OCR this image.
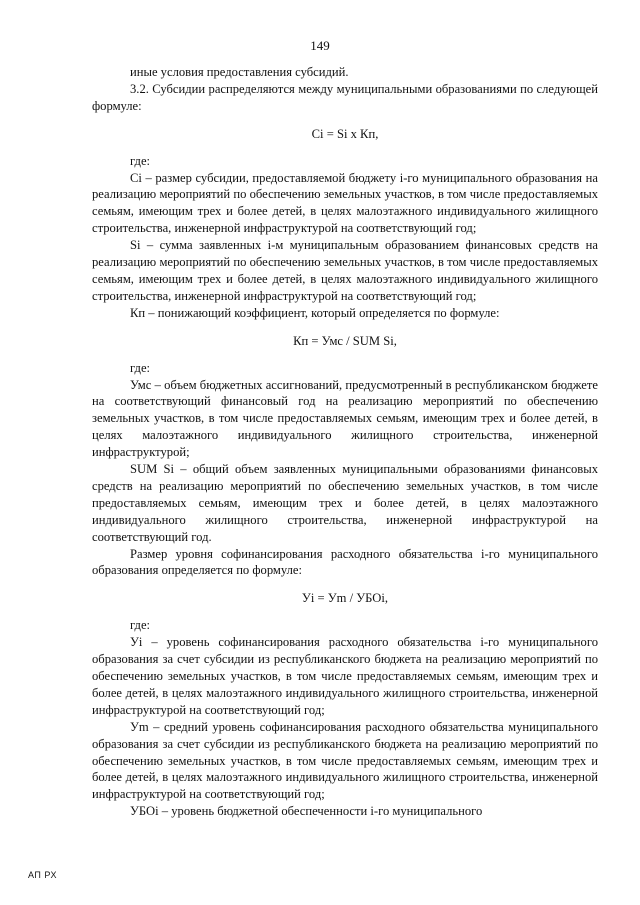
149

иные условия предоставления субсидий.

3.2. Субсидии распределяются между муниципальными образованиями по следующей формуле:

Ci = Si x Кп,

где:

Ci – размер субсидии, предоставляемой бюджету i-го муниципального образования на реализацию мероприятий по обеспечению земельных участков, в том числе предоставляемых семьям, имеющим трех и более детей, в целях малоэтажного индивидуального жилищного строительства, инженерной инфраструктурой на соответствующий год;

Si – сумма заявленных i-м муниципальным образованием финансовых средств на реализацию мероприятий по обеспечению земельных участков, в том числе предоставляемых семьям, имеющим трех и более детей, в целях малоэтажного индивидуального жилищного строительства, инженерной инфраструктурой на соответствующий год;

Кп – понижающий коэффициент, который определяется по формуле:

Кп = Умс / SUM Si,

где:

Умс – объем бюджетных ассигнований, предусмотренный в республиканском бюджете на соответствующий финансовый год на реализацию мероприятий по обеспечению земельных участков, в том числе предоставляемых семьям, имеющим трех и более детей, в целях малоэтажного индивидуального жилищного строительства, инженерной инфраструктурой;

SUM Si – общий объем заявленных муниципальными образованиями финансовых средств на реализацию мероприятий по обеспечению земельных участков, в том числе предоставляемых семьям, имеющим трех и более детей, в целях малоэтажного индивидуального жилищного строительства, инженерной инфраструктурой на соответствующий год.

Размер уровня софинансирования расходного обязательства i-го муниципального образования определяется по формуле:

Уi = Уm / УБОi,

где:

Уi – уровень софинансирования расходного обязательства i-го муниципального образования за счет субсидии из республиканского бюджета на реализацию мероприятий по обеспечению земельных участков, в том числе предоставляемых семьям, имеющим трех и более детей, в целях малоэтажного индивидуального жилищного строительства, инженерной инфраструктурой на соответствующий год;

Уm – средний уровень софинансирования расходного обязательства муниципального образования за счет субсидии из республиканского бюджета на реализацию мероприятий по обеспечению земельных участков, в том числе предоставляемых семьям, имеющим трех и более детей, в целях малоэтажного индивидуального жилищного строительства, инженерной инфраструктурой на соответствующий год;

УБОi – уровень бюджетной обеспеченности i-го муниципального

АП РХ
